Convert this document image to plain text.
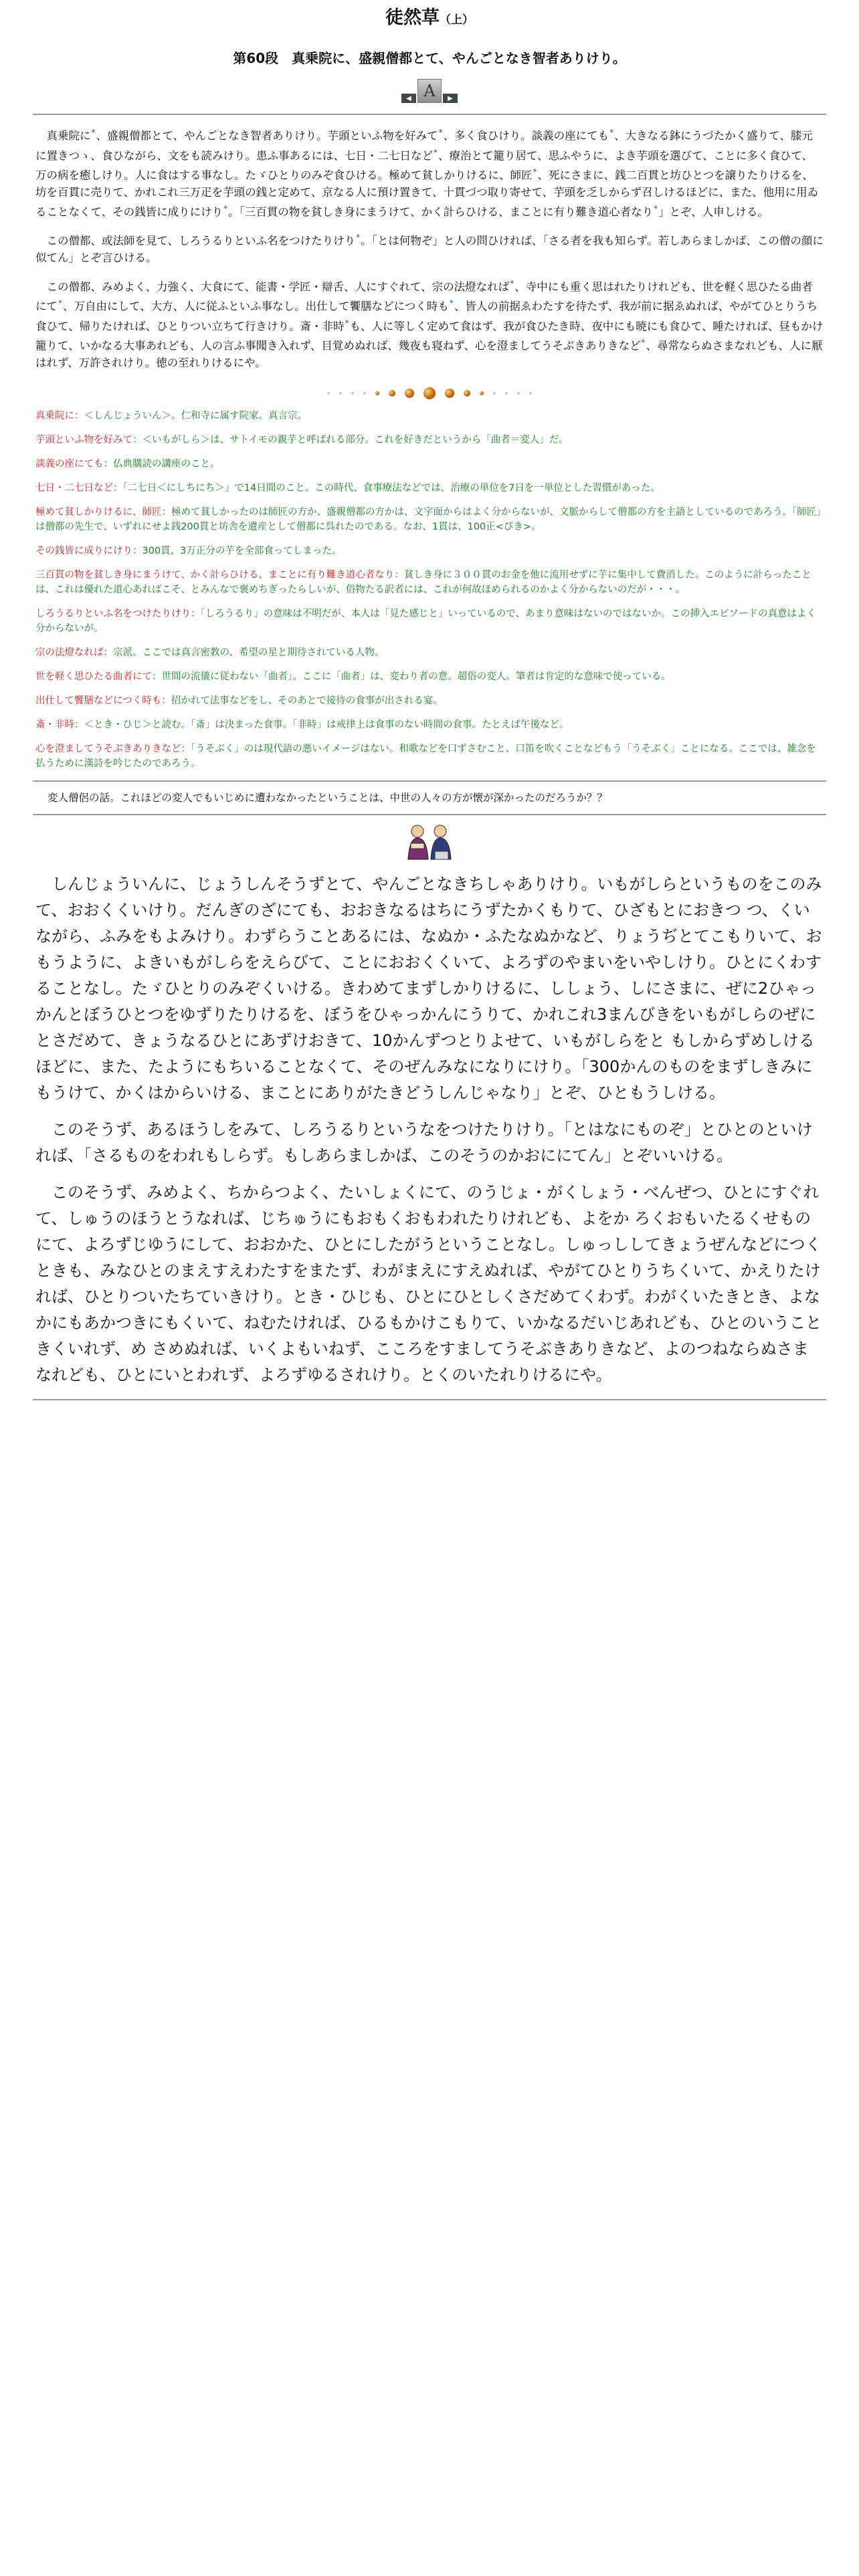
徒然草（上）
第60段　真乗院に、盛親僧都とて、やんごとなき智者ありけり。
◀ A	▶

真乗院に*、盛親僧都とて、やんごとなき智者ありけり。芋頭といふ物を好みて*、多く食ひけり。談義の座にても*、大きなる鉢にうづたかく盛りて、膝元に置きつゝ、食ひながら、文をも読みけり。患ふ事あるには、七日・二七日など*、療治とて籠り居て、思ふやうに、よき芋頭を選びて、ことに多く食ひて、万の病を癒しけり。人に食はする事なし。たゞひとりのみぞ食ひける。極めて貧しかりけるに、師匠*、死にさまに、銭二百貫と坊ひとつを譲りたりけるを、坊を百貫に売りて、かれこれ三万疋を芋頭の銭と定めて、京なる人に預け置きて、十貫づつ取り寄せて、芋頭を乏しからず召しけるほどに、また、他用に用ゐることなくて、その銭皆に成りにけり*。「三百貫の物を貧しき身にまうけて、かく計らひける、まことに有り難き道心者なり*」とぞ、人申しける。

この僧都、或法師を見て、しろうるりといふ名をつけたりけり*。「とは何物ぞ」と人の問ひければ、「さる者を我も知らず。若しあらましかば、この僧の顔に似てん」とぞ言ひける。

この僧都、みめよく、力強く、大食にて、能書・学匠・辯舌、人にすぐれて、宗の法燈なれば*、寺中にも重く思はれたりけれども、世を軽く思ひたる曲者にて*、万自由にして、大方、人に従ふといふ事なし。出仕して饗膳などにつく時も*、皆人の前据ゑわたすを待たず、我が前に据ゑぬれば、やがてひとりうち食ひて、帰りたければ、ひとりつい立ちて行きけり。斎・非時*も、人に等しく定めて食はず、我が食ひたき時、夜中にも暁にも食ひて、睡たければ、昼もかけ籠りて、いかなる大事あれども、人の言ふ事聞き入れず、目覚めぬれば、幾夜も寝ねず、心を澄ましてうそぶきありきなど*、尋常ならぬさまなれども、人に厭はれず、万許されけり。徳の至れりけるにや。

真乗院に：＜しんじょういん＞。仁和寺に属す院家。真言宗。

芋頭といふ物を好みて：＜いもがしら＞は、サトイモの親芋と呼ばれる部分。これを好きだというから「曲者＝変人」だ。

談義の座にても：仏典購読の講座のこと。

七日・二七日など：「二七日＜にしちにち＞」で14日間のこと。この時代、食事療法などでは、治療の単位を7日を一単位とした習慣があった。

極めて貧しかりけるに、師匠：極めて貧しかったのは師匠の方か、盛親僧都の方かは、文字面からはよく分からないが、文脈からして僧都の方を主語としているのであろう。「師匠」は僧都の先生で、いずれにせよ銭200貫と坊舎を遺産として僧都に呉れたのである。なお、1貫は、100正<びき>。

その銭皆に成りにけり：300貫、3万正分の芋を全部食ってしまった。

三百貫の物を貧しき身にまうけて、かく計らひける、まことに有り難き道心者なり：貧しき身に３００貫のお金を他に流用せずに芋に集中して費消した。このように計らったことは、これは優れた道心あればこそ、とみんなで褒めちぎったらしいが、俗物たる訳者には、これが何故ほめられるのかよく分からないのだが・・・。

しろうるりといふ名をつけたりけり：「しろうるり」の意味は不明だが、本人は「見た感じと」いっているので、あまり意味はないのではないか。この挿入エピソードの真意はよく分からないが。

宗の法燈なれば：宗派。ここでは真言密教の、希望の星と期待されている人物。

世を軽く思ひたる曲者にて：世間の流儀に従わない「曲者」。ここに「曲者」は、変わり者の意。超俗の変人。筆者は肯定的な意味で使っている。

出仕して饗膳などにつく時も：招かれて法事などをし、そのあとで接待の食事が出される宴。

斎・非時：＜とき・ひじ＞と読む。「斎」は決まった食事。「非時」は戒律上は食事のない時間の食事。たとえば午後など。

心を澄ましてうそぶきありきなど：「うそぶく」のは現代語の悪いイメージはない。和歌などを口ずさむこと、口笛を吹くことなどもう「うそぶく」ことになる。ここでは、雑念を払うために漢詩を吟じたのであろう。

変人僧侶の話。これほどの変人でもいじめに遭わなかったということは、中世の人々の方が懐が深かったのだろうか？？

しんじょういんに、じょうしんそうずとて、やんごとなきちしゃありけり。いもがしらというものをこのみて、おおくくいけり。だんぎのざにても、おおきなるはちにうずたかくもりて、ひざもとにおきつ つ、くいながら、ふみをもよみけり。わずらうことあるには、なぬか・ふたなぬかなど、りょうぢとてこもりいて、おもうように、よきいもがしらをえらびて、ことにおおくくいて、よろずのやまいをいやしけり。ひとにくわすることなし。たゞひとりのみぞくいける。きわめてまずしかりけるに、ししょう、しにさまに、ぜに2ひゃっかんとぼうひとつをゆずりたりけるを、ぼうをひゃっかんにうりて、かれこれ3まんびきをいもがしらのぜにとさだめて、きょうなるひとにあずけおきて、10かんずつとりよせて、いもがしらをと もしからずめしけるほどに、また、たようにもちいることなくて、そのぜんみなになりにけり。「300かんのものをまずしきみにもうけて、かくはからいける、まことにありがたきどうしんじゃなり」とぞ、ひともうしける。

このそうず、あるほうしをみて、しろうるりというなをつけたりけり。「とはなにものぞ」とひとのといければ、「さるものをわれもしらず。もしあらましかば、このそうのかおににてん」とぞいいける。

このそうず、みめよく、ちからつよく、たいしょくにて、のうじょ・がくしょう・べんぜつ、ひとにすぐれて、しゅうのほうとうなれば、じちゅうにもおもくおもわれたりけれども、よをか ろくおもいたるくせものにて、よろずじゆうにして、おおかた、ひとにしたがうということなし。しゅっししてきょうぜんなどにつくときも、みなひとのまえすえわたすをまたず、わがまえにすえぬれば、やがてひとりうちくいて、かえりたければ、ひとりついたちていきけり。とき・ひじも、ひとにひとしくさだめてくわず。わがくいたきとき、よなかにもあかつきにもくいて、ねむたければ、ひるもかけこもりて、いかなるだいじあれども、ひとのいうこときくいれず、め さめぬれば、いくよもいねず、こころをすましてうそぶきありきなど、よのつねならぬさまなれども、ひとにいとわれず、よろずゆるされけり。とくのいたれりけるにや。
